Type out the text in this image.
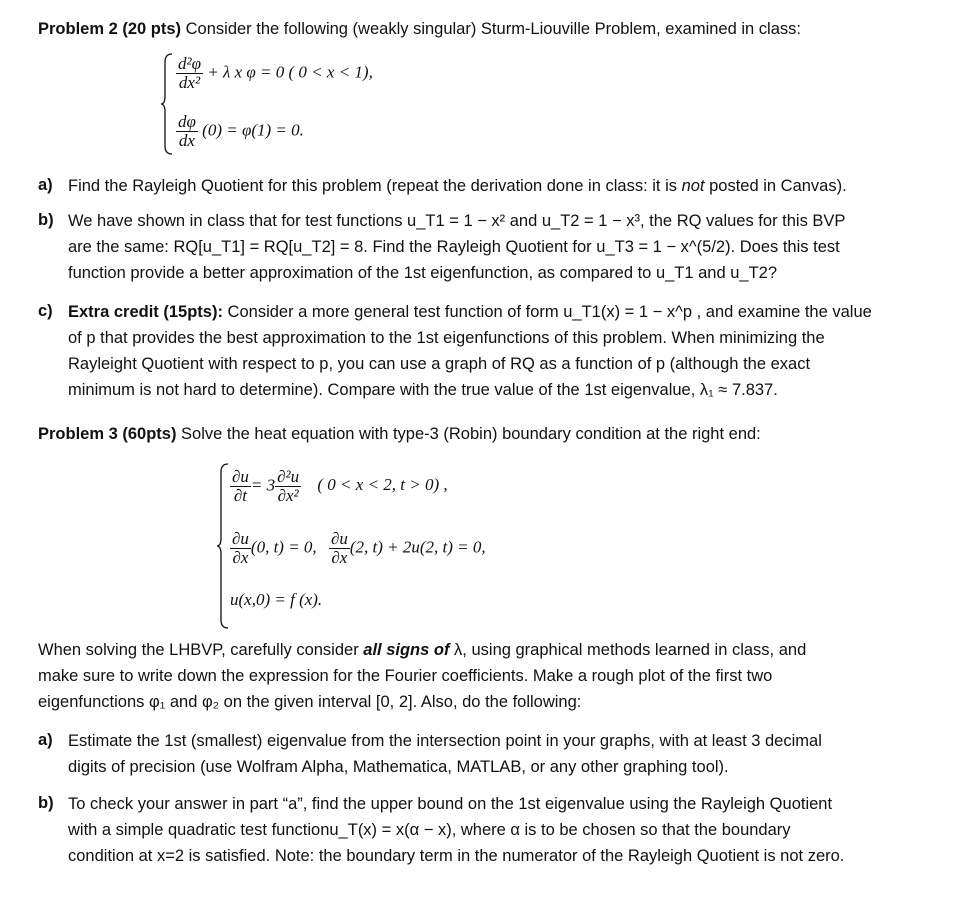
Problem 2 (20 pts) Consider the following (weakly singular) Sturm-Liouville Problem, examined in class:
$\frac{\text{d²φ}}{\text{dx²}} + \lambda$ x φ = 0 ( 0 < x < 1),
$\frac{d\varphi}{dx} (0) = \varphi(1) = 0$.
a) Find the Rayleigh Quotient for this problem (repeat the derivation done in class: it is not posted in Canvas).
b) We have shown in class that for test functions u_T1 = 1 − x² and u_T2 = 1 − x³, the RQ values for this BVP
are the same: RQ[u_T1] = RQ[u_T2] = 8. Find the Rayleigh Quotient for u_T3 = 1 − x^(5/2). Does this test
function provide a better approximation of the 1st eigenfunction, as compared to u_T1 and u_T2?
c) Extra credit (15pts): Consider a more general test function of form u_T1(x) = 1 − x^p , and examine the value
of p that provides the best approximation to the 1st eigenfunctions of this problem. When minimizing the
Rayleight Quotient with respect to p, you can use a graph of RQ as a function of p (although the exact
minimum is not hard to determine). Compare with the true value of the 1st eigenvalue, λ₁ ≈ 7.837.
Problem 3 (60pts) Solve the heat equation with type-3 (Robin) boundary condition at the right end:
$\frac{\partial u}{\partial t} = 3 \frac{\text{∂²u}}{\text{∂x²}}$ ( 0 < x < 2, t > 0) ,
$\frac{\partial u}{\partial x} (0$, t) = 0, $\frac{\partial u}{\partial x} (2$, t) + 2u(2, t) = 0,
u(x,0) = f (x).
When solving the LHBVP, carefully consider all signs of λ, using graphical methods learned in class, and
make sure to write down the expression for the Fourier coefficients. Make a rough plot of the first two
eigenfunctions φ₁ and φ₂ on the given interval [0, 2]. Also, do the following:
a) Estimate the 1st (smallest) eigenvalue from the intersection point in your graphs, with at least 3 decimal
digits of precision (use Wolfram Alpha, Mathematica, MATLAB, or any other graphing tool).
b) To check your answer in part “a”, find the upper bound on the 1st eigenvalue using the Rayleigh Quotient
with a simple quadratic test functionu_T(x) = x(α − x), where α is to be chosen so that the boundary
condition at x=2 is satisfied. Note: the boundary term in the numerator of the Rayleigh Quotient is not zero.
